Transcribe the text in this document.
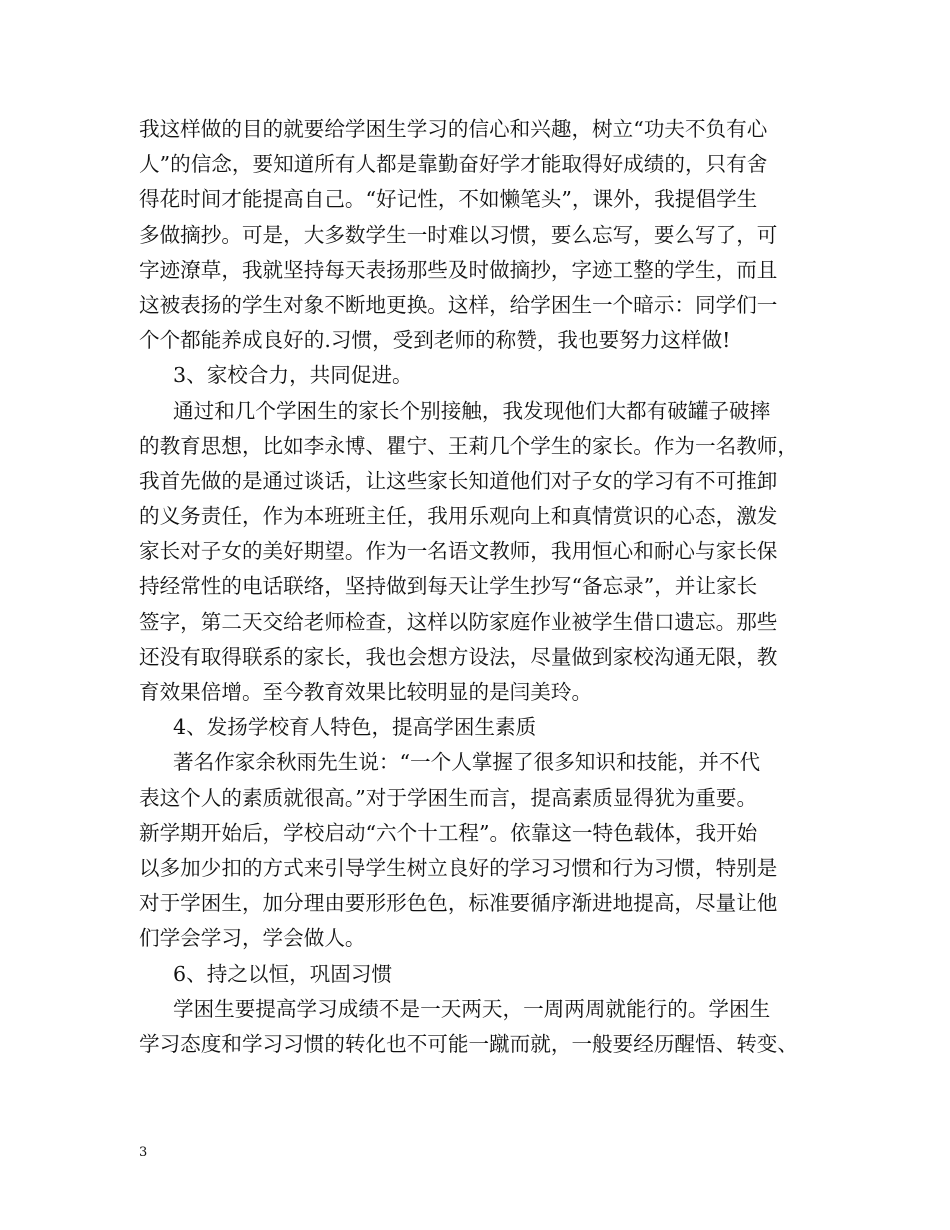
我这样做的目的就要给学困生学习的信心和兴趣，树立“功夫不负有心
人”的信念，要知道所有人都是靠勤奋好学才能取得好成绩的，只有舍
得花时间才能提高自己。“好记性，不如懒笔头”，课外，我提倡学生
多做摘抄。可是，大多数学生一时难以习惯，要么忘写，要么写了，可
字迹潦草，我就坚持每天表扬那些及时做摘抄，字迹工整的学生，而且
这被表扬的学生对象不断地更换。这样，给学困生一个暗示：同学们一
个个都能养成良好的.习惯，受到老师的称赞，我也要努力这样做!
3、家校合力，共同促进。
通过和几个学困生的家长个别接触，我发现他们大都有破罐子破摔
的教育思想，比如李永博、瞿宁、王莉几个学生的家长。作为一名教师，
我首先做的是通过谈话，让这些家长知道他们对子女的学习有不可推卸
的义务责任，作为本班班主任，我用乐观向上和真情赏识的心态，激发
家长对子女的美好期望。作为一名语文教师，我用恒心和耐心与家长保
持经常性的电话联络，坚持做到每天让学生抄写“备忘录”，并让家长
签字，第二天交给老师检查，这样以防家庭作业被学生借口遗忘。那些
还没有取得联系的家长，我也会想方设法，尽量做到家校沟通无限，教
育效果倍增。至今教育效果比较明显的是闫美玲。
4、发扬学校育人特色，提高学困生素质
著名作家余秋雨先生说：“一个人掌握了很多知识和技能，并不代
表这个人的素质就很高。”对于学困生而言，提高素质显得犹为重要。
新学期开始后，学校启动“六个十工程”。依靠这一特色载体，我开始
以多加少扣的方式来引导学生树立良好的学习习惯和行为习惯，特别是
对于学困生，加分理由要形形色色，标准要循序渐进地提高，尽量让他
们学会学习，学会做人。
6、持之以恒，巩固习惯
学困生要提高学习成绩不是一天两天，一周两周就能行的。学困生
学习态度和学习习惯的转化也不可能一蹴而就，一般要经历醒悟、转变、
3
